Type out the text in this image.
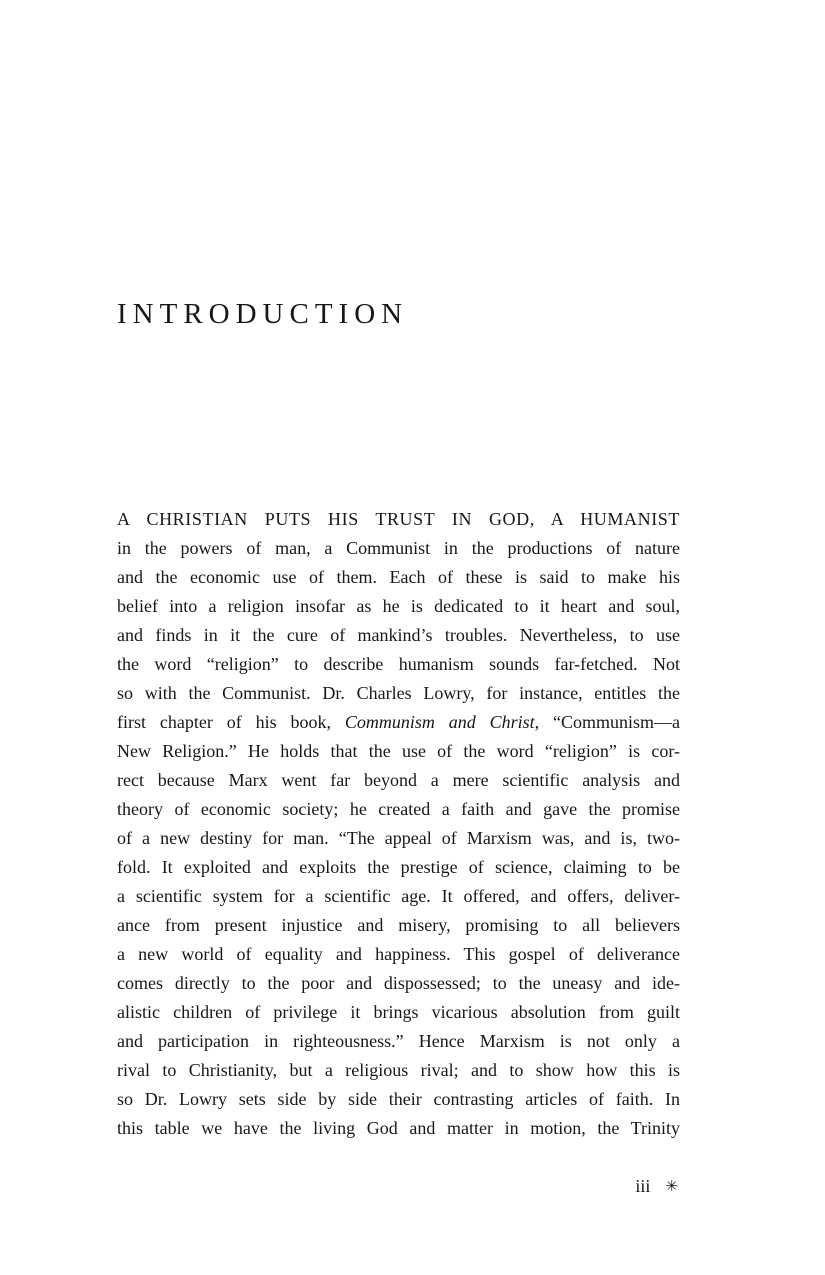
INTRODUCTION
A CHRISTIAN PUTS HIS TRUST IN GOD, A HUMANIST
in the powers of man, a Communist in the productions of nature
and the economic use of them. Each of these is said to make his
belief into a religion insofar as he is dedicated to it heart and soul,
and finds in it the cure of mankind’s troubles. Nevertheless, to use
the word “religion” to describe humanism sounds far-fetched. Not
so with the Communist. Dr. Charles Lowry, for instance, entitles the
first chapter of his book, Communism and Christ, “Communism—a
New Religion.” He holds that the use of the word “religion” is cor-
rect because Marx went far beyond a mere scientific analysis and
theory of economic society; he created a faith and gave the promise
of a new destiny for man. “The appeal of Marxism was, and is, two-
fold. It exploited and exploits the prestige of science, claiming to be
a scientific system for a scientific age. It offered, and offers, deliver-
ance from present injustice and misery, promising to all believers
a new world of equality and happiness. This gospel of deliverance
comes directly to the poor and dispossessed; to the uneasy and ide-
alistic children of privilege it brings vicarious absolution from guilt
and participation in righteousness.” Hence Marxism is not only a
rival to Christianity, but a religious rival; and to show how this is
so Dr. Lowry sets side by side their contrasting articles of faith. In
this table we have the living God and matter in motion, the Trinity
iii ✳
